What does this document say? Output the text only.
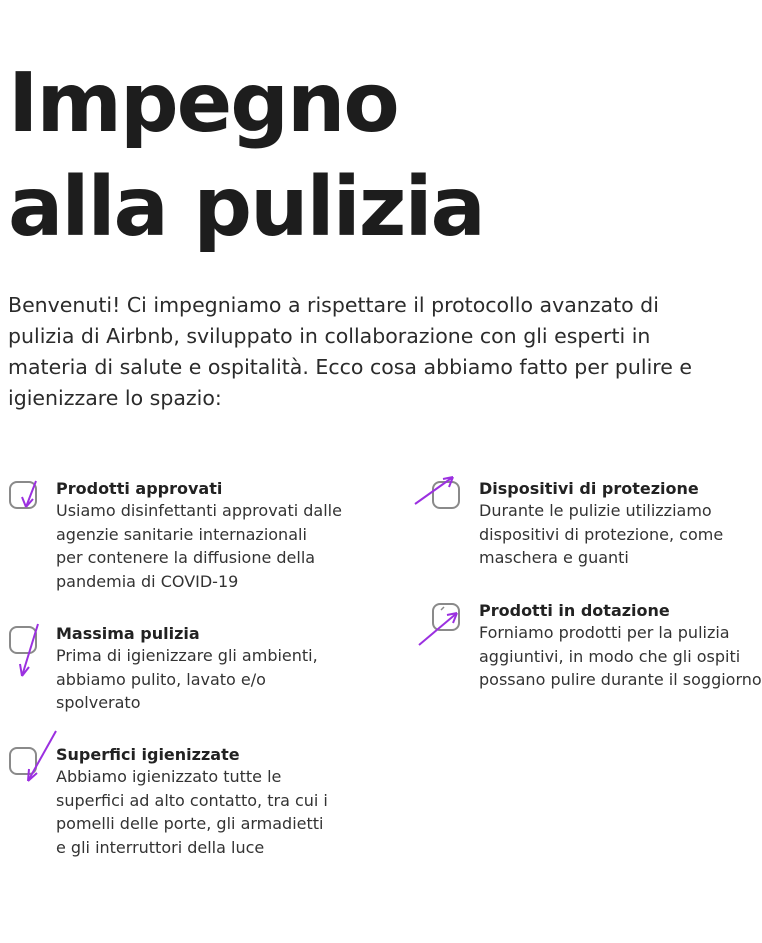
Impegno
alla pulizia

Benvenuti! Ci impegniamo a rispettare il protocollo avanzato di
pulizia di Airbnb, sviluppato in collaborazione con gli esperti in
materia di salute e ospitalità. Ecco cosa abbiamo fatto per pulire e
igienizzare lo spazio:

Prodotti approvati
Usiamo disinfettanti approvati dalle
agenzie sanitarie internazionali
per contenere la diffusione della
pandemia di COVID-19
Massima pulizia
Prima di igienizzare gli ambienti,
abbiamo pulito, lavato e/o
spolverato
Superfici igienizzate
Abbiamo igienizzato tutte le
superfici ad alto contatto, tra cui i
pomelli delle porte, gli armadietti
e gli interruttori della luce
Dispositivi di protezione
Durante le pulizie utilizziamo
dispositivi di protezione, come
maschera e guanti
Prodotti in dotazione
Forniamo prodotti per la pulizia
aggiuntivi, in modo che gli ospiti
possano pulire durante il soggiorno
